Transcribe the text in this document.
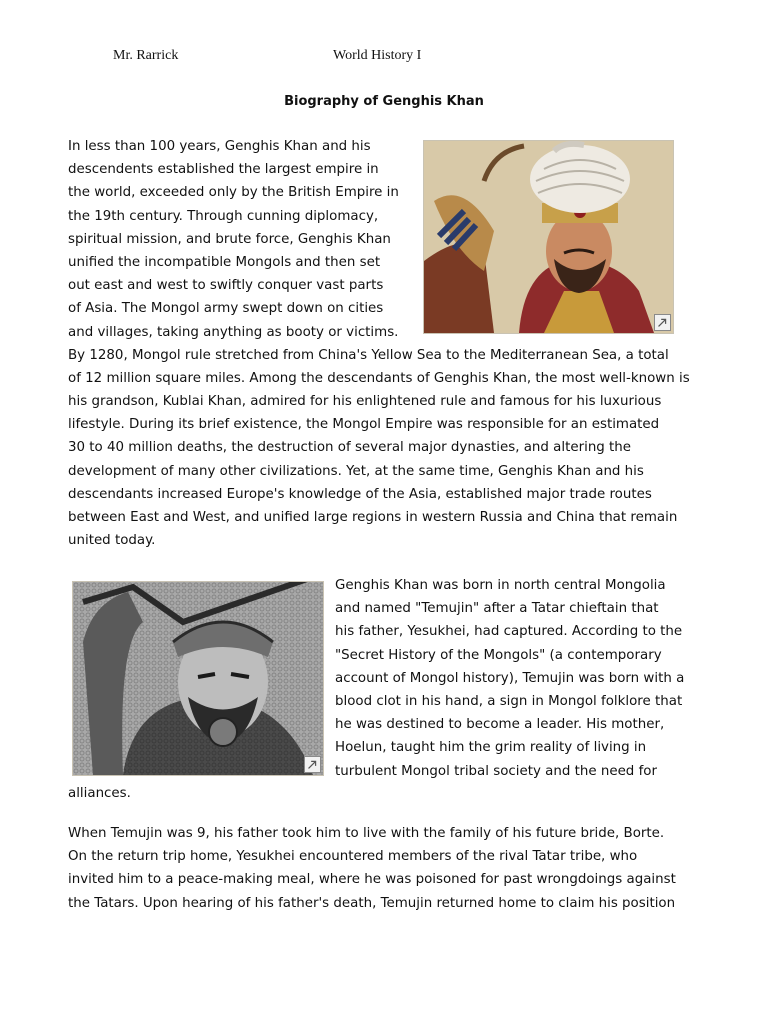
Mr. Rarrick	World History I
Biography of Genghis Khan
In less than 100 years, Genghis Khan and his
descendents established the largest empire in
the world, exceeded only by the British Empire in
the 19th century. Through cunning diplomacy,
spiritual mission, and brute force, Genghis Khan
unified the incompatible Mongols and then set
out east and west to swiftly conquer vast parts
of Asia. The Mongol army swept down on cities
and villages, taking anything as booty or victims.
By 1280, Mongol rule stretched from China's Yellow Sea to the Mediterranean Sea, a total
of 12 million square miles. Among the descendants of Genghis Khan, the most well-known is
his grandson, Kublai Khan, admired for his enlightened rule and famous for his luxurious
lifestyle. During its brief existence, the Mongol Empire was responsible for an estimated
30 to 40 million deaths, the destruction of several major dynasties, and altering the
development of many other civilizations. Yet, at the same time, Genghis Khan and his
descendants increased Europe's knowledge of the Asia, established major trade routes
between East and West, and unified large regions in western Russia and China that remain
united today.
Genghis Khan was born in north central Mongolia
and named "Temujin" after a Tatar chieftain that
his father, Yesukhei, had captured. According to the
"Secret History of the Mongols" (a contemporary
account of Mongol history), Temujin was born with a
blood clot in his hand, a sign in Mongol folklore that
he was destined to become a leader. His mother,
Hoelun, taught him the grim reality of living in
turbulent Mongol tribal society and the need for
alliances.
When Temujin was 9, his father took him to live with the family of his future bride, Borte.
On the return trip home, Yesukhei encountered members of the rival Tatar tribe, who
invited him to a peace-making meal, where he was poisoned for past wrongdoings against
the Tatars. Upon hearing of his father's death, Temujin returned home to claim his position
